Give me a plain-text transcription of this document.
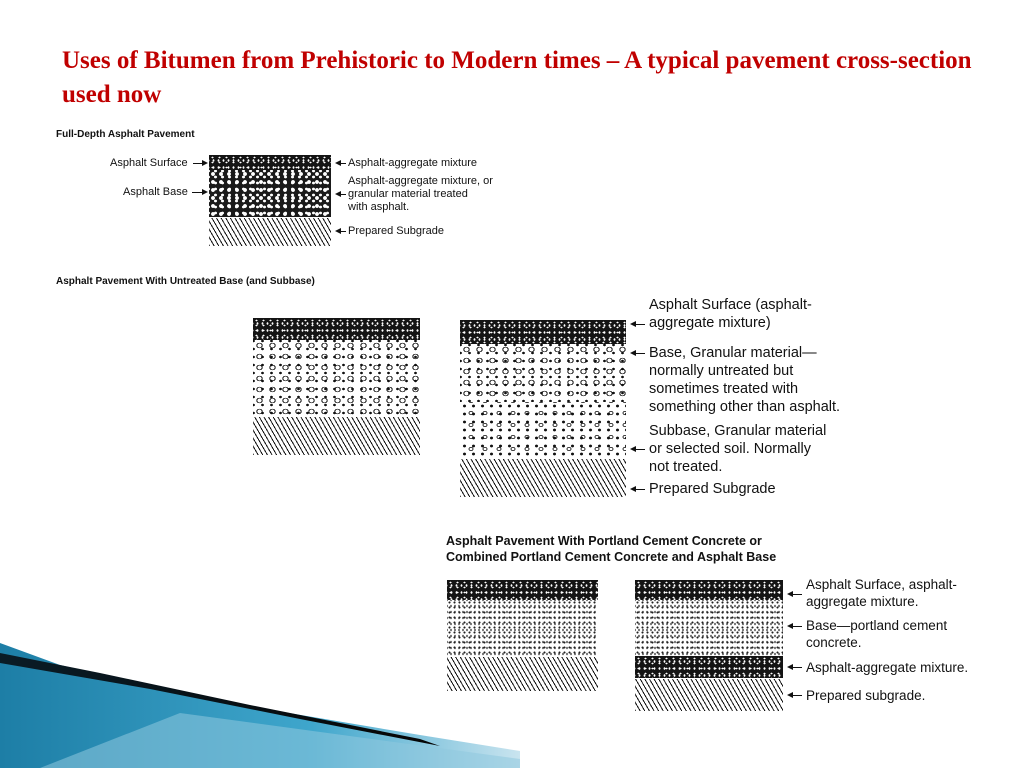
Uses of Bitumen from Prehistoric to Modern times – A typical pavement cross-section used now
Full-Depth Asphalt Pavement
Asphalt Surface
Asphalt Base
Asphalt-aggregate mixture
Asphalt-aggregate mixture, or
granular material treated
with asphalt.
Prepared Subgrade
Asphalt Pavement With Untreated Base (and Subbase)
Asphalt Surface (asphalt-
aggregate mixture)
Base, Granular material—
normally untreated but
sometimes treated with
something other than asphalt.
Subbase, Granular material
or selected soil. Normally
not treated.
Prepared Subgrade
Asphalt Pavement With Portland Cement Concrete or
Combined Portland Cement Concrete and Asphalt Base
Asphalt Surface, asphalt-
aggregate mixture.
Base—portland cement
concrete.
Asphalt-aggregate mixture.
Prepared subgrade.
